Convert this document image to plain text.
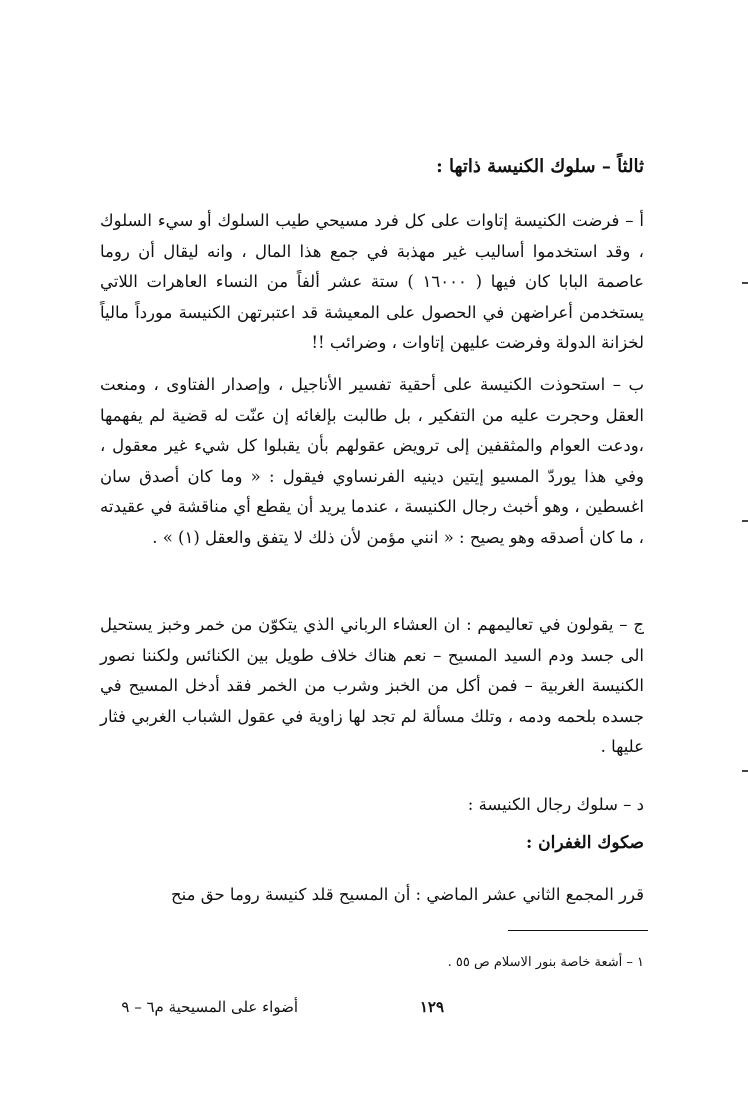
ثالثاً – سلوك الكنيسة ذاتها :

أ – فرضت الكنيسة إتاوات على كل فرد مسيحي طيب السلوك أو سيء السلوك ، وقد استخدموا أساليب غير مهذبة في جمع هذا المال ، وانه ليقال أن روما عاصمة البابا كان فيها ( ١٦٠٠٠ ) ستة عشر ألفاً من النساء العاهرات اللاتي يستخدمن أعراضهن في الحصول على المعيشة قد اعتبرتهن الكنيسة مورداً مالياً لخزانة الدولة وفرضت عليهن إتاوات ، وضرائب !!

ب – استحوذت الكنيسة على أحقية تفسير الأناجيل ، وإصدار الفتاوى ، ومنعت العقل وحجرت عليه من التفكير ، بل طالبت بإلغائه إن عنّت له قضية لم يفهمها ،ودعت العوام والمثقفين إلى ترويض عقولهم بأن يقبلوا كل شيء غير معقول ، وفي هذا يوردّ المسيو إيتين دينيه الفرنساوي فيقول : « وما كان أصدق سان اغسطين ، وهو أخبث رجال الكنيسة ، عندما يريد أن يقطع أي مناقشة في عقيدته ، ما كان أصدقه وهو يصيح : « انني مؤمن لأن ذلك لا يتفق والعقل (١) » .

ج – يقولون في تعاليمهم : ان العشاء الرباني الذي يتكوّن من خمر وخبز يستحيل الى جسد ودم السيد المسيح – نعم هناك خلاف طويل بين الكنائس ولكننا نصور الكنيسة الغربية – فمن أكل من الخبز وشرب من الخمر فقد أدخل المسيح في جسده بلحمه ودمه ، وتلك مسألة لم تجد لها زاوية في عقول الشباب الغربي فثار عليها .

د – سلوك رجال الكنيسة :
صكوك الغفران :

قرر المجمع الثاني عشر الماضي : أن المسيح قلد كنيسة روما حق منح

١ – أشعة خاصة بنور الاسلام ص ٥٥ .
أضواء على المسيحية م٦ – ٩	١٢٩
